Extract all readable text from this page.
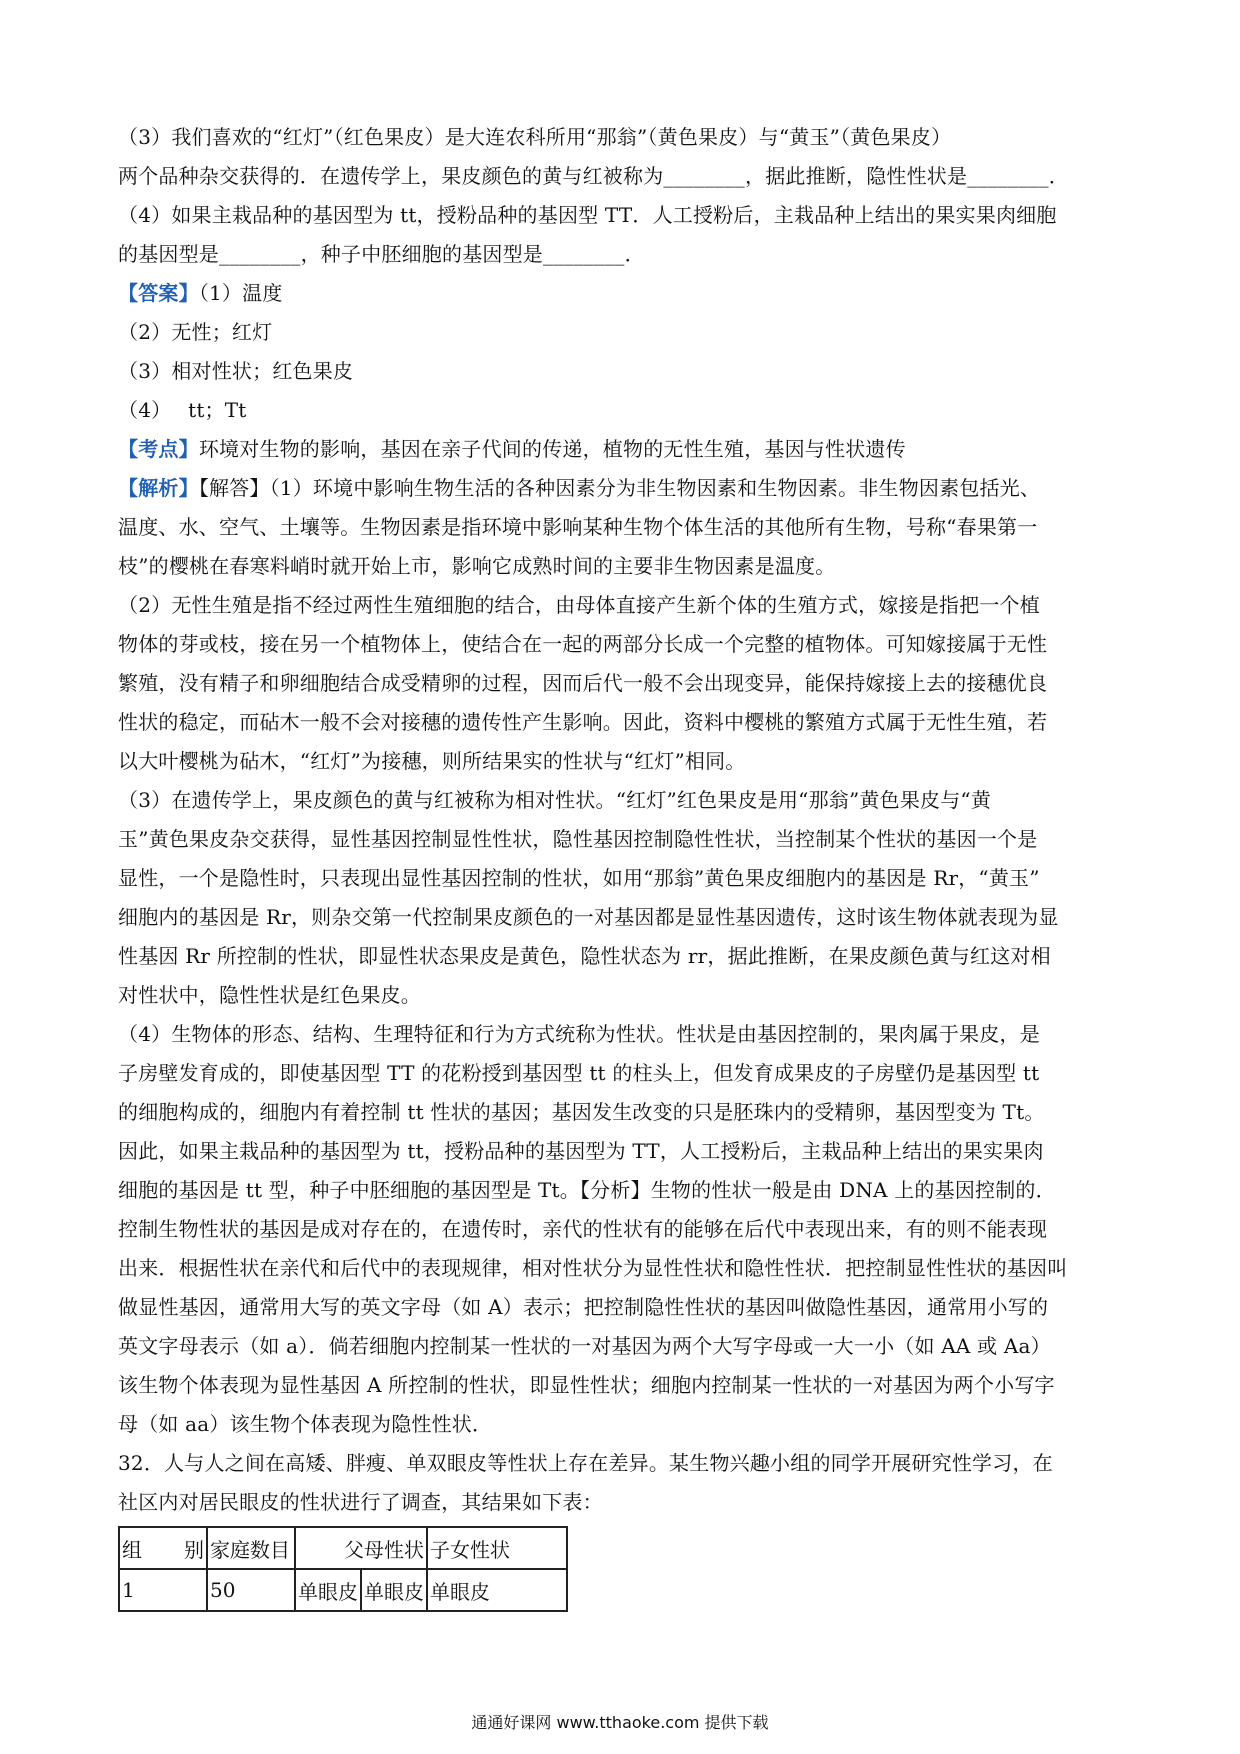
（3）我们喜欢的“红灯”（红色果皮）是大连农科所用“那翁”（黄色果皮）与“黄玉”（黄色果皮）
两个品种杂交获得的．在遗传学上，果皮颜色的黄与红被称为________，据此推断，隐性性状是________．
（4）如果主栽品种的基因型为 tt，授粉品种的基因型 TT．人工授粉后，主栽品种上结出的果实果肉细胞
的基因型是________，种子中胚细胞的基因型是________．
【答案】（1）温度
（2）无性；红灯
（3）相对性状；红色果皮
（4）　 tt；Tt
【考点】环境对生物的影响，基因在亲子代间的传递，植物的无性生殖，基因与性状遗传
【解析】【解答】（1）环境中影响生物生活的各种因素分为非生物因素和生物因素。非生物因素包括光、
温度、水、空气、土壤等。生物因素是指环境中影响某种生物个体生活的其他所有生物，号称“春果第一
枝”的樱桃在春寒料峭时就开始上市，影响它成熟时间的主要非生物因素是温度。
（2）无性生殖是指不经过两性生殖细胞的结合，由母体直接产生新个体的生殖方式，嫁接是指把一个植
物体的芽或枝，接在另一个植物体上，使结合在一起的两部分长成一个完整的植物体。可知嫁接属于无性
繁殖，没有精子和卵细胞结合成受精卵的过程，因而后代一般不会出现变异，能保持嫁接上去的接穗优良
性状的稳定，而砧木一般不会对接穗的遗传性产生影响。因此，资料中樱桃的繁殖方式属于无性生殖，若
以大叶樱桃为砧木，“红灯”为接穗，则所结果实的性状与“红灯”相同。
（3）在遗传学上，果皮颜色的黄与红被称为相对性状。“红灯”红色果皮是用“那翁”黄色果皮与“黄
玉”黄色果皮杂交获得，显性基因控制显性性状，隐性基因控制隐性性状，当控制某个性状的基因一个是
显性，一个是隐性时，只表现出显性基因控制的性状，如用“那翁”黄色果皮细胞内的基因是 Rr，“黄玉”
细胞内的基因是 Rr，则杂交第一代控制果皮颜色的一对基因都是显性基因遗传，这时该生物体就表现为显
性基因 Rr 所控制的性状，即显性状态果皮是黄色，隐性状态为 rr，据此推断，在果皮颜色黄与红这对相
对性状中，隐性性状是红色果皮。
（4）生物体的形态、结构、生理特征和行为方式统称为性状。性状是由基因控制的，果肉属于果皮，是
子房壁发育成的，即使基因型 TT 的花粉授到基因型 tt 的柱头上，但发育成果皮的子房壁仍是基因型 tt
的细胞构成的，细胞内有着控制 tt 性状的基因；基因发生改变的只是胚珠内的受精卵，基因型变为 Tt。
因此，如果主栽品种的基因型为 tt，授粉品种的基因型为 TT，人工授粉后，主栽品种上结出的果实果肉
细胞的基因是 tt 型，种子中胚细胞的基因型是 Tt。【分析】生物的性状一般是由 DNA 上的基因控制的．
控制生物性状的基因是成对存在的，在遗传时，亲代的性状有的能够在后代中表现出来，有的则不能表现
出来．根据性状在亲代和后代中的表现规律，相对性状分为显性性状和隐性性状．把控制显性性状的基因叫
做显性基因，通常用大写的英文字母（如 A）表示；把控制隐性性状的基因叫做隐性基因，通常用小写的
英文字母表示（如 a）．倘若细胞内控制某一性状的一对基因为两个大写字母或一大一小（如 AA 或 Aa）
该生物个体表现为显性基因 A 所控制的性状，即显性性状；细胞内控制某一性状的一对基因为两个小写字
母（如 aa）该生物个体表现为隐性性状．
32．人与人之间在高矮、胖瘦、单双眼皮等性状上存在差异。某生物兴趣小组的同学开展研究性学习，在
社区内对居民眼皮的性状进行了调查，其结果如下表：
组 别	家庭数目	父母性状		子女性状
1	50	单眼皮	单眼皮	单眼皮
通通好课网 www.tthaoke.com 提供下载
